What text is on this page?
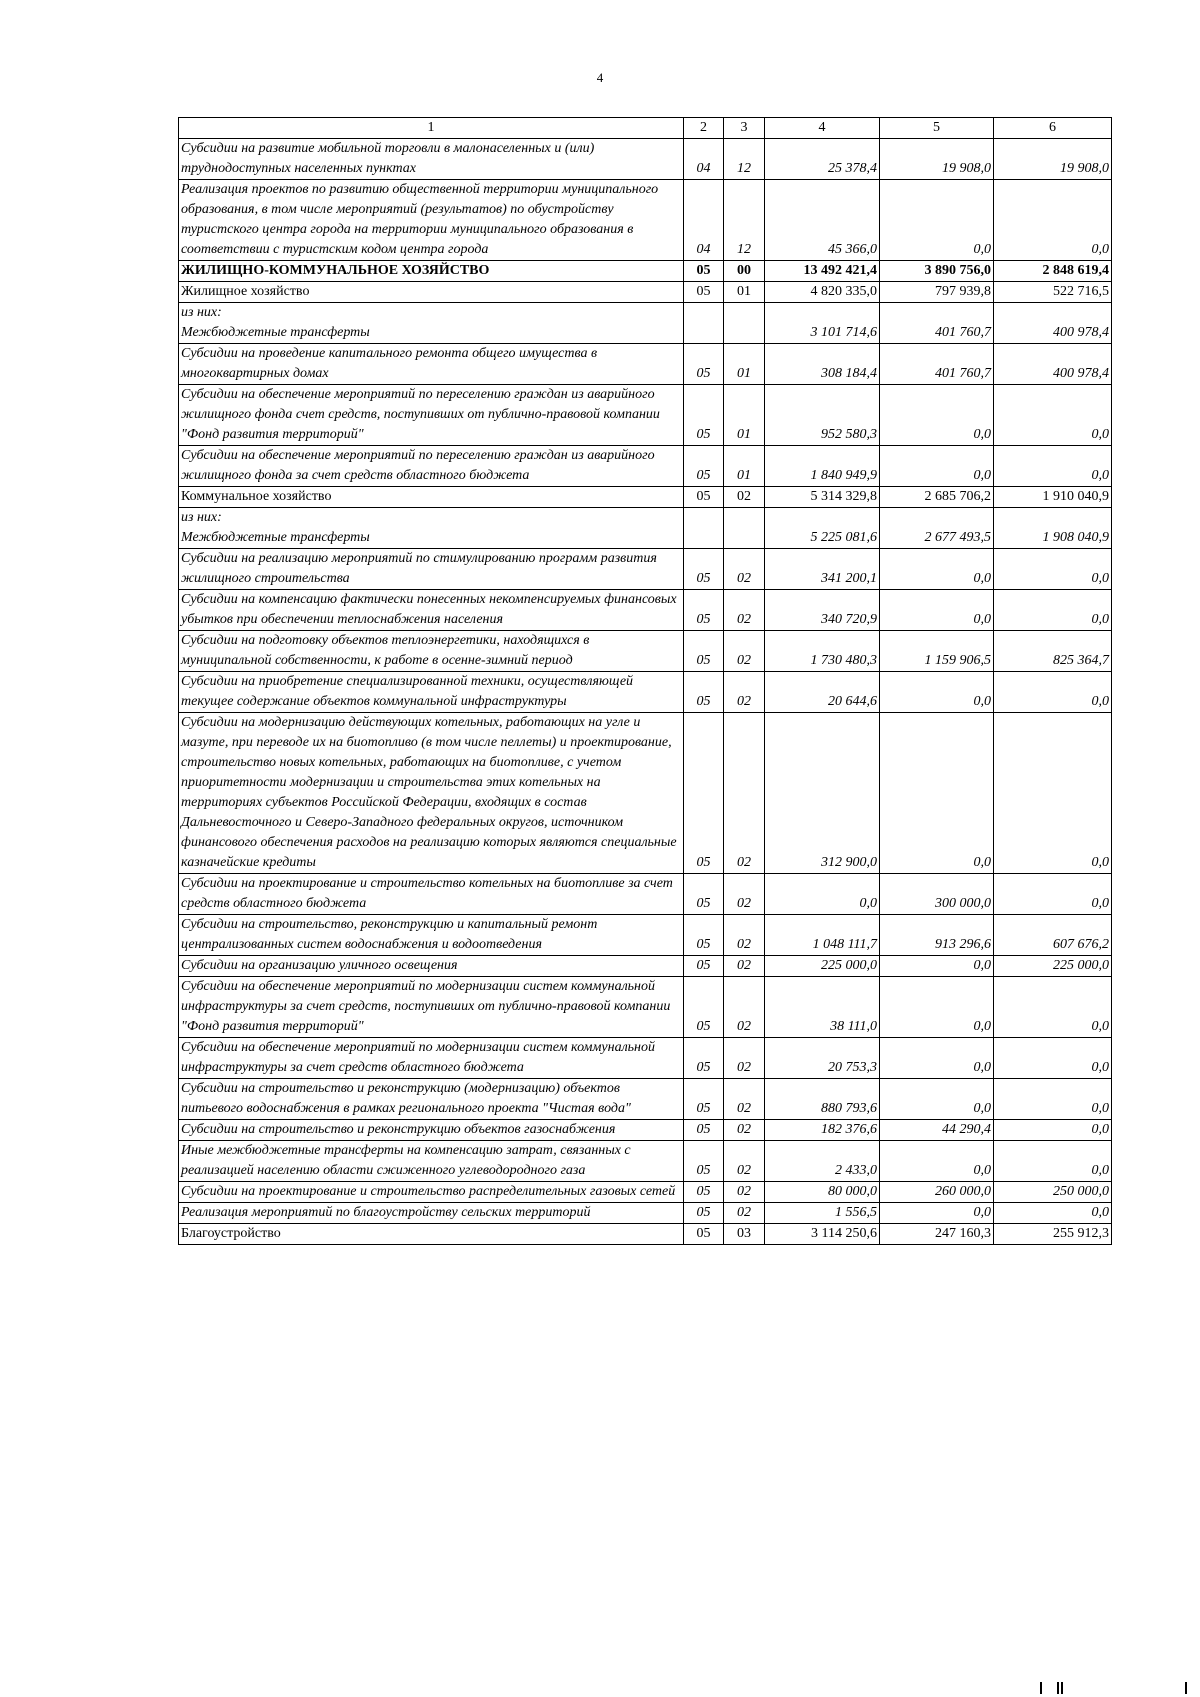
4
1	2	3	4	5	6
Субсидии на развитие мобильной торговли в малонаселенных и (или) труднодоступных населенных пунктах	04	12	25 378,4	19 908,0	19 908,0
Реализация проектов по развитию общественной территории муниципального образования, в том числе мероприятий (результатов) по обустройству туристского центра города на территории муниципального образования в соответствии с туристским кодом центра города	04	12	45 366,0	0,0	0,0
ЖИЛИЩНО-КОММУНАЛЬНОЕ ХОЗЯЙСТВО	05	00	13 492 421,4	3 890 756,0	2 848 619,4
Жилищное хозяйство	05	01	4 820 335,0	797 939,8	522 716,5
из них:
Межбюджетные трансферты			3 101 714,6	401 760,7	400 978,4
Субсидии на проведение капитального ремонта общего имущества в многоквартирных домах	05	01	308 184,4	401 760,7	400 978,4
Субсидии на обеспечение мероприятий по переселению граждан из аварийного жилищного фонда счет средств, поступивших от публично-правовой компании "Фонд развития территорий"	05	01	952 580,3	0,0	0,0
Субсидии на обеспечение мероприятий по переселению граждан из аварийного жилищного фонда за счет средств областного бюджета	05	01	1 840 949,9	0,0	0,0
Коммунальное хозяйство	05	02	5 314 329,8	2 685 706,2	1 910 040,9
из них:
Межбюджетные трансферты			5 225 081,6	2 677 493,5	1 908 040,9
Субсидии на реализацию мероприятий по стимулированию программ развития жилищного строительства	05	02	341 200,1	0,0	0,0
Субсидии на компенсацию фактически понесенных некомпенсируемых финансовых убытков при обеспечении теплоснабжения населения	05	02	340 720,9	0,0	0,0
Субсидии на подготовку объектов теплоэнергетики, находящихся в муниципальной собственности, к работе в осенне-зимний период	05	02	1 730 480,3	1 159 906,5	825 364,7
Субсидии на приобретение специализированной техники, осуществляющей текущее содержание объектов коммунальной инфраструктуры	05	02	20 644,6	0,0	0,0
Субсидии на модернизацию действующих котельных, работающих на угле и мазуте, при переводе их на биотопливо (в том числе пеллеты) и проектирование, строительство новых котельных, работающих на биотопливе, с учетом приоритетности модернизации и строительства этих котельных на территориях субъектов Российской Федерации, входящих в состав Дальневосточного и Северо-Западного федеральных округов, источником финансового обеспечения расходов на реализацию которых являются специальные казначейские кредиты	05	02	312 900,0	0,0	0,0
Субсидии на проектирование и строительство котельных на биотопливе за счет средств областного бюджета	05	02	0,0	300 000,0	0,0
Субсидии на строительство, реконструкцию и капитальный ремонт централизованных систем водоснабжения и водоотведения	05	02	1 048 111,7	913 296,6	607 676,2
Субсидии на организацию уличного освещения	05	02	225 000,0	0,0	225 000,0
Субсидии на обеспечение мероприятий по модернизации систем коммунальной инфраструктуры за счет средств, поступивших от публично-правовой компании "Фонд развития территорий"	05	02	38 111,0	0,0	0,0
Субсидии на обеспечение мероприятий по модернизации систем коммунальной инфраструктуры за счет средств областного бюджета	05	02	20 753,3	0,0	0,0
Субсидии на строительство и реконструкцию (модернизацию) объектов питьевого водоснабжения в рамках регионального проекта "Чистая вода"	05	02	880 793,6	0,0	0,0
Субсидии на строительство и реконструкцию объектов газоснабжения	05	02	182 376,6	44 290,4	0,0
Иные межбюджетные трансферты на компенсацию затрат, связанных с реализацией населению области сжиженного углеводородного газа	05	02	2 433,0	0,0	0,0
Субсидии на проектирование и строительство распределительных газовых сетей	05	02	80 000,0	260 000,0	250 000,0
Реализация мероприятий по благоустройству сельских территорий	05	02	1 556,5	0,0	0,0
Благоустройство	05	03	3 114 250,6	247 160,3	255 912,3
